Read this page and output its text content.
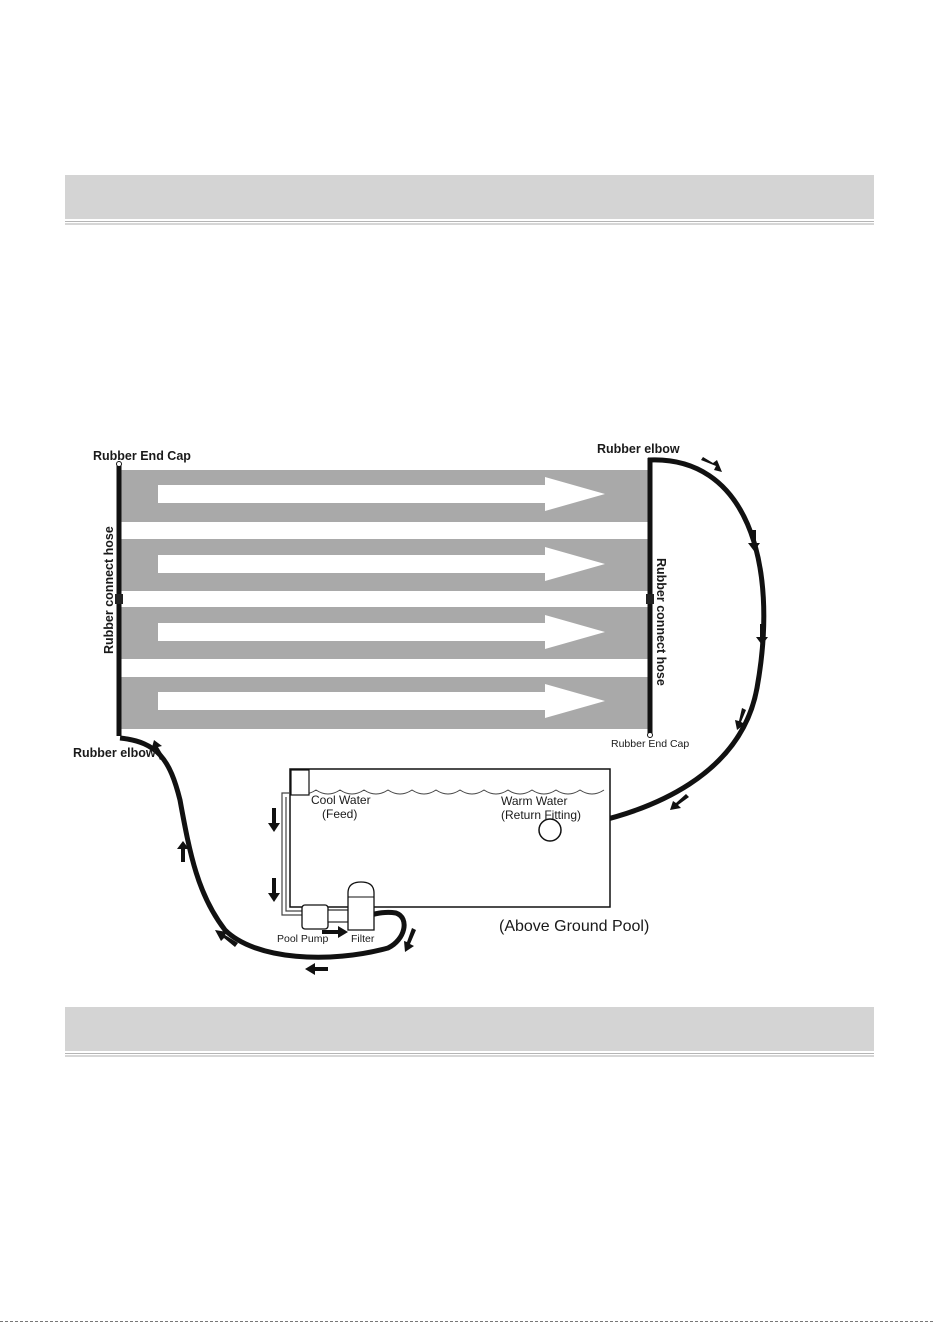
Rubber End Cap	Rubber elbow
Rubber connect hose	Rubber connect hose
Rubber End Cap
Rubber elbow
Cool Water
(Feed)
Warm Water
(Return Fitting)
Pool Pump Filter
(Above Ground Pool)
